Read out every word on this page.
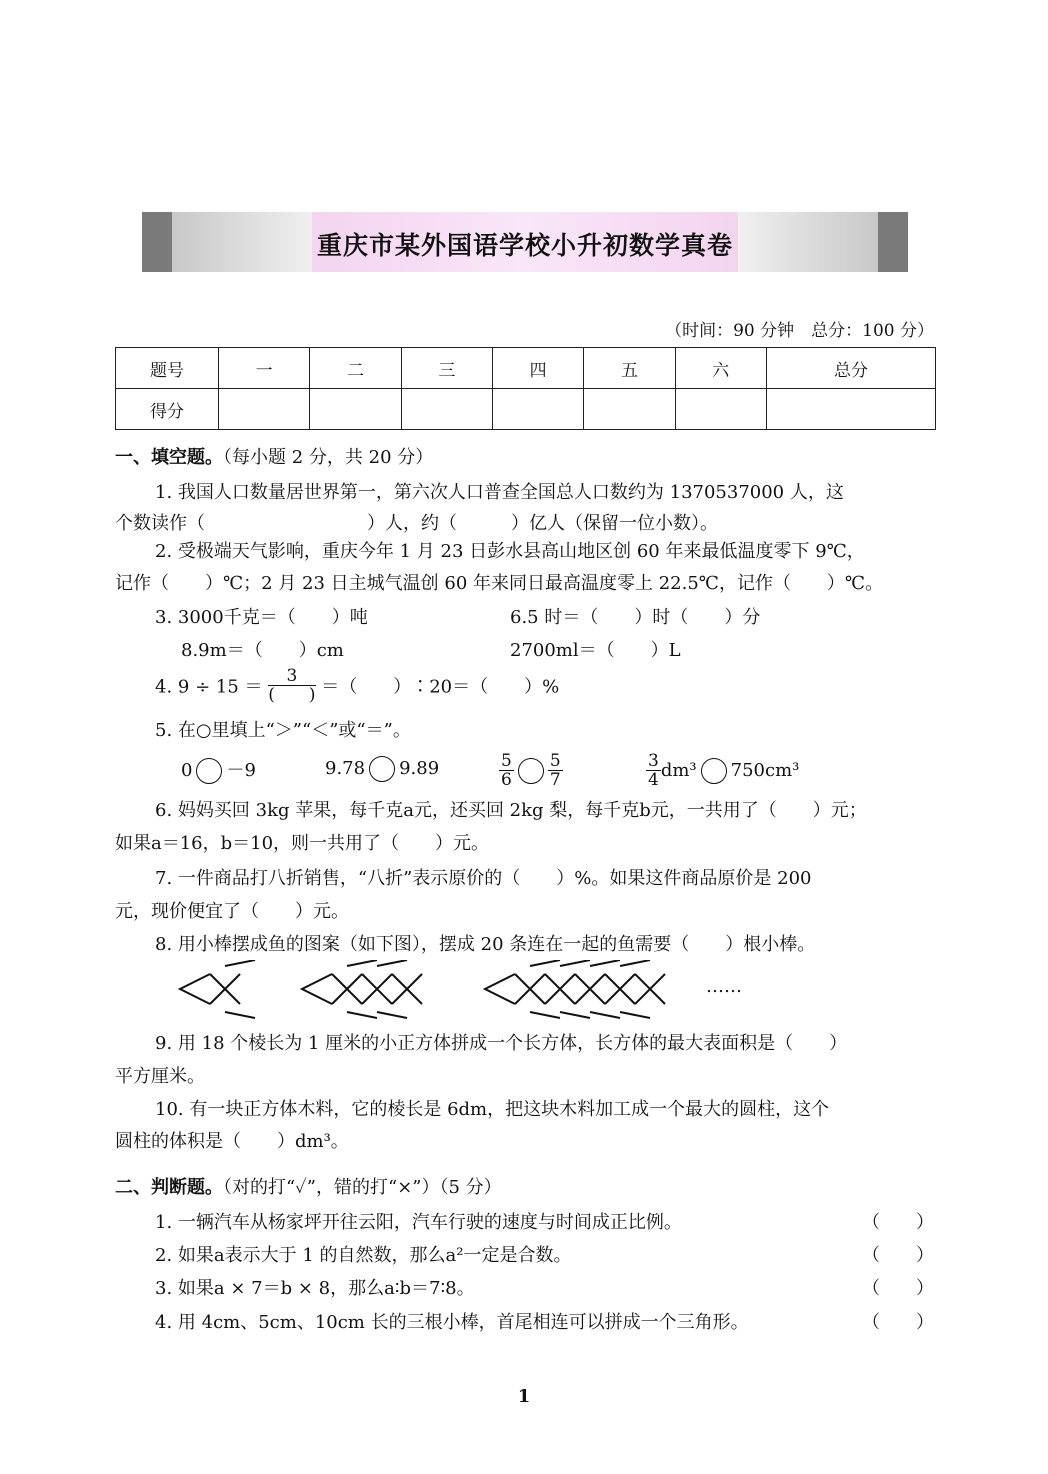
重庆市某外国语学校小升初数学真卷
（时间：90 分钟　总分：100 分）
题号	一	二	三	四	五	六	总分
得分							
一、填空题。（每小题 2 分，共 20 分）
1. 我国人口数量居世界第一，第六次人口普查全国总人口数约为 1370537000 人，这
个数读作（　　　　　　　　　）人，约（　　　）亿人（保留一位小数）。
2. 受极端天气影响，重庆今年 1 月 23 日彭水县高山地区创 60 年来最低温度零下 9℃，
记作（　　）℃；2 月 23 日主城气温创 60 年来同日最高温度零上 22.5℃，记作（　　）℃。
3. 3000千克＝（　　）吨	6.5 时＝（　　）时（　　）分
8.9m＝（　　）cm	2700ml＝（　　）L
4. $9 \div 15 = \frac{3}{( )}$ ＝（　　）∶20＝（　　）%
5. 在○里填上“＞”“＜”或“＝”。
0 －9	9.78 9.89	$\frac{5}{6} \frac{5}{7}$	$\frac{3}{4} dm^3$ 750cm³
6. 妈妈买回 3kg 苹果，每千克a元，还买回 2kg 梨，每千克b元，一共用了（　　）元；
如果a＝16，b＝10，则一共用了（　　）元。
7. 一件商品打八折销售，“八折”表示原价的（　　）%。如果这件商品原价是 200
元，现价便宜了（　　）元。
8. 用小棒摆成鱼的图案（如下图），摆成 20 条连在一起的鱼需要（　　）根小棒。
……
9. 用 18 个棱长为 1 厘米的小正方体拼成一个长方体，长方体的最大表面积是（　　）
平方厘米。
10. 有一块正方体木料，它的棱长是 6dm，把这块木料加工成一个最大的圆柱，这个
圆柱的体积是（　　）dm³。
二、判断题。（对的打“✓”，错的打“×”）（5 分）
1. 一辆汽车从杨家坪开往云阳，汽车行驶的速度与时间成正比例。	（　　）
2. 如果a表示大于 1 的自然数，那么a²一定是合数。	（　　）
3. 如果a × 7＝b × 8，那么a∶b＝7∶8。	（　　）
4. 用 4cm、5cm、10cm 长的三根小棒，首尾相连可以拼成一个三角形。	（　　）
1
